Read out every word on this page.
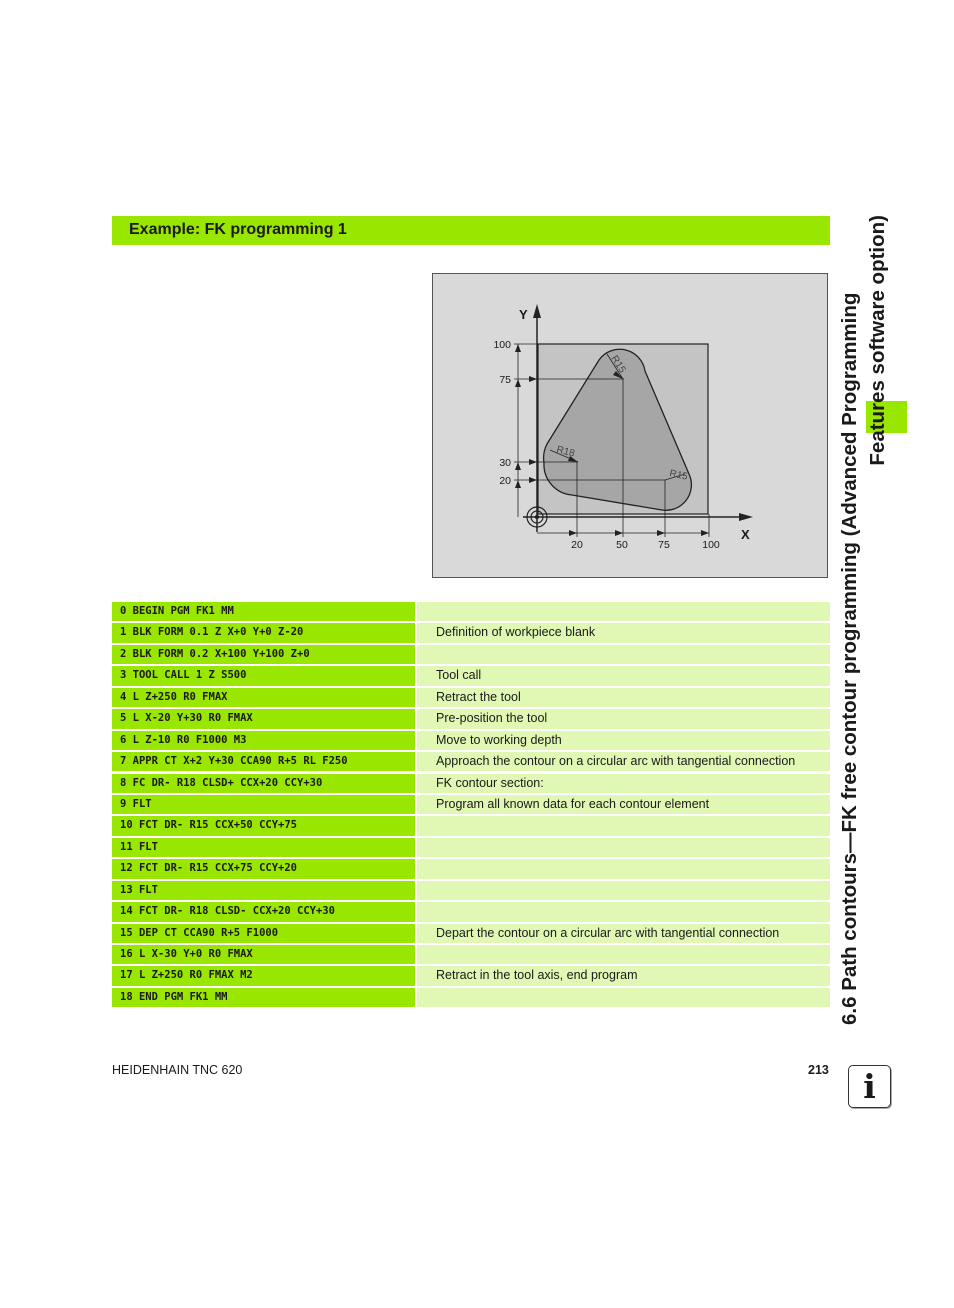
Example: FK programming 1
Y
X
100
75
30
20
20	50	75	100
R15
R18
R15
0 BEGIN PGM FK1 MM
1 BLK FORM 0.1 Z X+0 Y+0 Z-20	Definition of workpiece blank
2 BLK FORM 0.2 X+100 Y+100 Z+0
3 TOOL CALL 1 Z S500	Tool call
4 L Z+250 R0 FMAX	Retract the tool
5 L X-20 Y+30 R0 FMAX	Pre-position the tool
6 L Z-10 R0 F1000 M3	Move to working depth
7 APPR CT X+2 Y+30 CCA90 R+5 RL F250	Approach the contour on a circular arc with tangential connection
8 FC DR- R18 CLSD+ CCX+20 CCY+30	FK contour section:
9 FLT	Program all known data for each contour element
10 FCT DR- R15 CCX+50 CCY+75
11 FLT
12 FCT DR- R15 CCX+75 CCY+20
13 FLT
14 FCT DR- R18 CLSD- CCX+20 CCY+30
15 DEP CT CCA90 R+5 F1000	Depart the contour on a circular arc with tangential connection
16 L X-30 Y+0 R0 FMAX
17 L Z+250 R0 FMAX M2	Retract in the tool axis, end program
18 END PGM FK1 MM	6.6 Path contours—FK free contour programming (Advanced Programming Features software option)
HEIDENHAIN TNC 620	213	i
